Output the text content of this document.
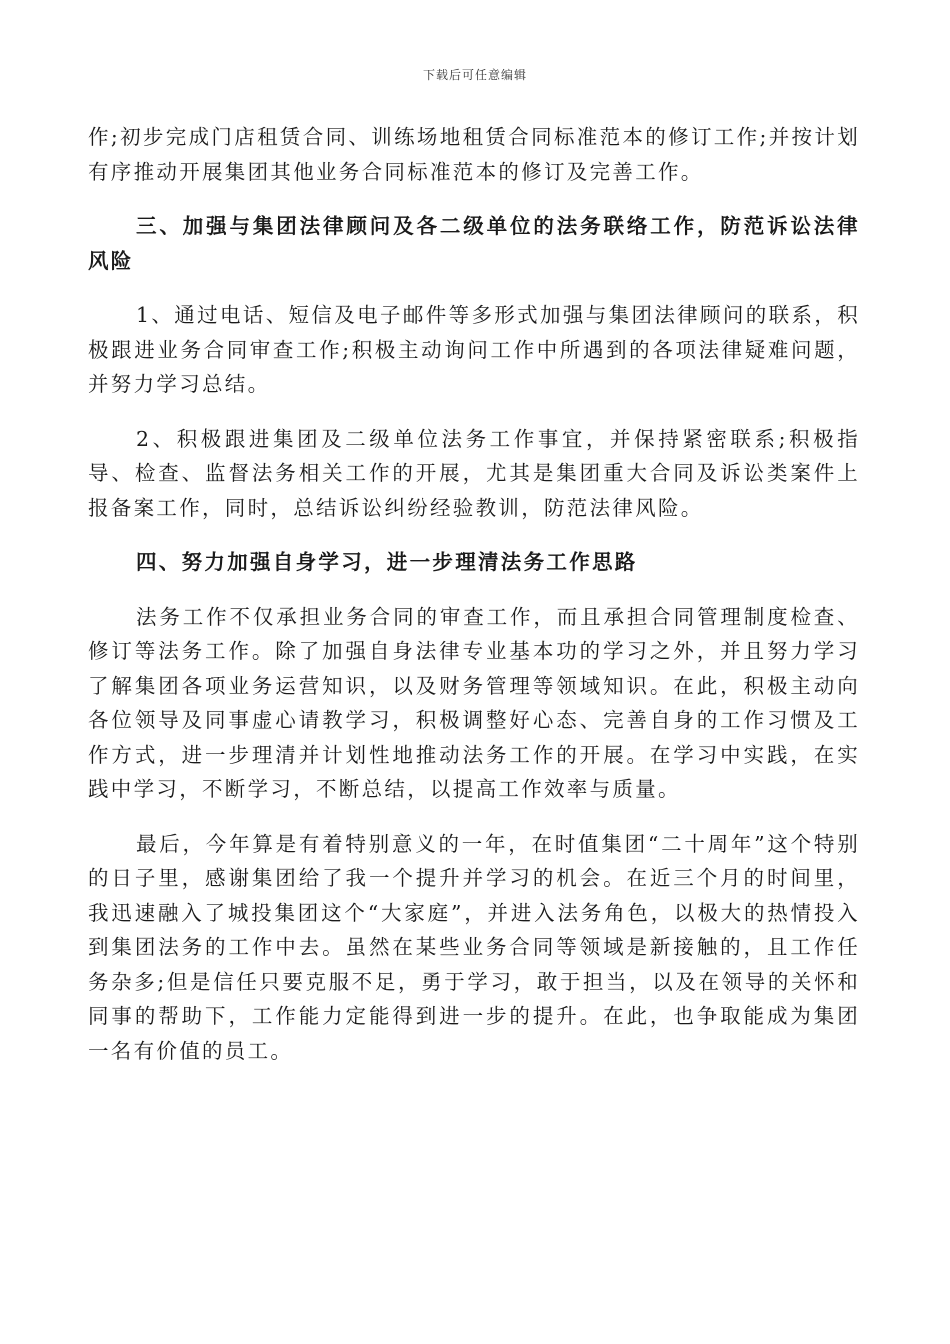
下载后可任意编辑

作;初步完成门店租赁合同、训练场地租赁合同标准范本的修订工作;并按计划有序推动开展集团其他业务合同标准范本的修订及完善工作。

三、加强与集团法律顾问及各二级单位的法务联络工作，防范诉讼法律风险

1、通过电话、短信及电子邮件等多形式加强与集团法律顾问的联系，积极跟进业务合同审查工作;积极主动询问工作中所遇到的各项法律疑难问题，并努力学习总结。

2、积极跟进集团及二级单位法务工作事宜，并保持紧密联系;积极指导、检查、监督法务相关工作的开展，尤其是集团重大合同及诉讼类案件上报备案工作，同时，总结诉讼纠纷经验教训，防范法律风险。

四、努力加强自身学习，进一步理清法务工作思路

法务工作不仅承担业务合同的审查工作，而且承担合同管理制度检查、修订等法务工作。除了加强自身法律专业基本功的学习之外，并且努力学习了解集团各项业务运营知识，以及财务管理等领域知识。在此，积极主动向各位领导及同事虚心请教学习，积极调整好心态、完善自身的工作习惯及工作方式，进一步理清并计划性地推动法务工作的开展。在学习中实践，在实践中学习，不断学习，不断总结，以提高工作效率与质量。

最后，今年算是有着特别意义的一年，在时值集团“二十周年”这个特别的日子里，感谢集团给了我一个提升并学习的机会。在近三个月的时间里，我迅速融入了城投集团这个“大家庭”，并进入法务角色，以极大的热情投入到集团法务的工作中去。虽然在某些业务合同等领域是新接触的，且工作任务杂多;但是信任只要克服不足，勇于学习，敢于担当，以及在领导的关怀和同事的帮助下，工作能力定能得到进一步的提升。在此，也争取能成为集团一名有价值的员工。
